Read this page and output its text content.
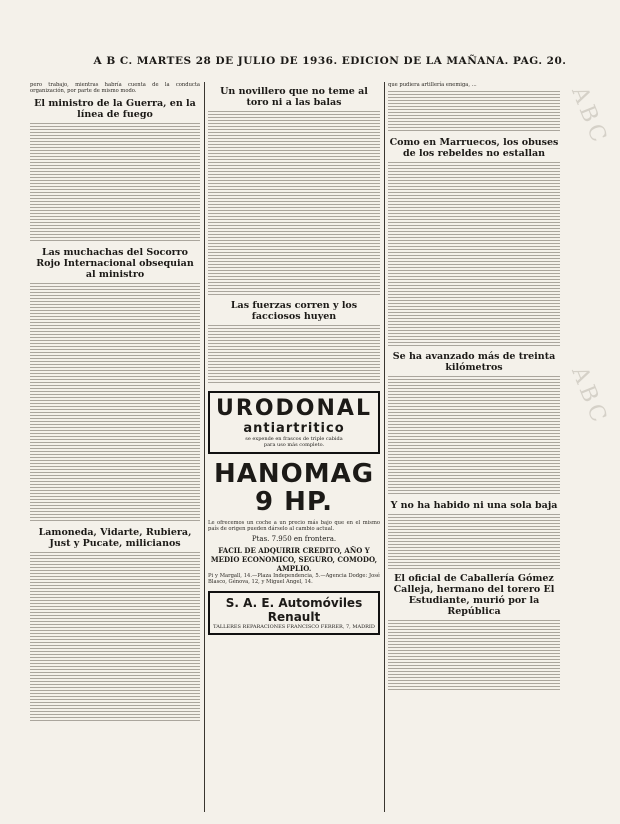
A B C. MARTES 28 DE JULIO DE 1936. EDICION DE LA MAÑANA. PAG. 20.

pero trabajo, mientras habría cuenta de la conducta organización, por parte de mismo modo.

El ministro de la Guerra, en la línea de fuego
Las muchachas del Socorro Rojo Internacional obsequian al ministro
Lamoneda, Vidarte, Rubiera, Just y Pucate, milicianos
Un novillero que no teme al toro ni a las balas
Las fuerzas corren y los facciosos huyen
URODONAL
antiartritico
se expende en frascos de triple cabida
para uso más completo.
HANOMAG 9 HP.

Le ofrecemos un coche a un precio más bajo que en el mismo país de origen pueden dárselo al cambio actual.

Ptas. 7.950 en frontera.
FACIL DE ADQUIRIR CREDITO, AÑO Y MEDIO ECONOMICO, SEGURO, COMODO, AMPLIO.

Pi y Margall, 14.—Plaza Independencia, 5.—Agencia Dodge: José Blasco, Génova, 12, y Miguel Angel, 14.

S. A. E. Automóviles Renault
TALLERES REPARACIONES FRANCISCO FERRER, 7, MADRID

que pudiera artillería enemiga, ...

Como en Marruecos, los obuses de los rebeldes no estallan
Se ha avanzado más de treinta kilómetros
Y no ha habido ni una sola baja
El oficial de Caballería Gómez Calleja, hermano del torero El Estudiante, murió por la República
ABC
ABC
